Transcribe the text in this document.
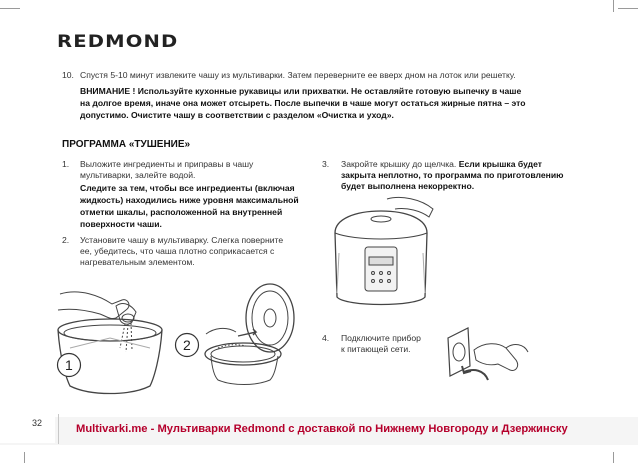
REDMOND
10. Спустя 5-10 минут извлеките чашу из мультиварки. Затем переверните ее вверх дном на лоток или решетку.
ВНИМАНИЕ ! Используйте кухонные рукавицы или прихватки. Не оставляйте готовую выпечку в чаше
на долгое время, иначе она может отсыреть. После выпечки в чаше могут остаться жирные пятна – это
допустимо. Очистите чашу в соответствии с разделом «Очистка и уход».
ПРОГРАММА «ТУШЕНИЕ»
1. Выложите ингредиенты и приправы в чашу
мультиварки, залейте водой.
Следите за тем, чтобы все ингредиенты (включая
жидкость) находились ниже уровня максимальной
отметки шкалы, расположенной на внутренней
поверхности чаши.
2. Установите чашу в мультиварку. Слегка поверните
ее, убедитесь, что чаша плотно соприкасается с
нагревательным элементом.
3. Закройте крышку до щелчка. Если крышка будет
закрыта неплотно, то программа по приготовлению
будет выполнена некорректно.
4. Подключите прибор
к питающей сети.
1
2
32	Multivarki.me - Мультиварки Redmond с доставкой по Нижнему Новгороду и Дзержинску
